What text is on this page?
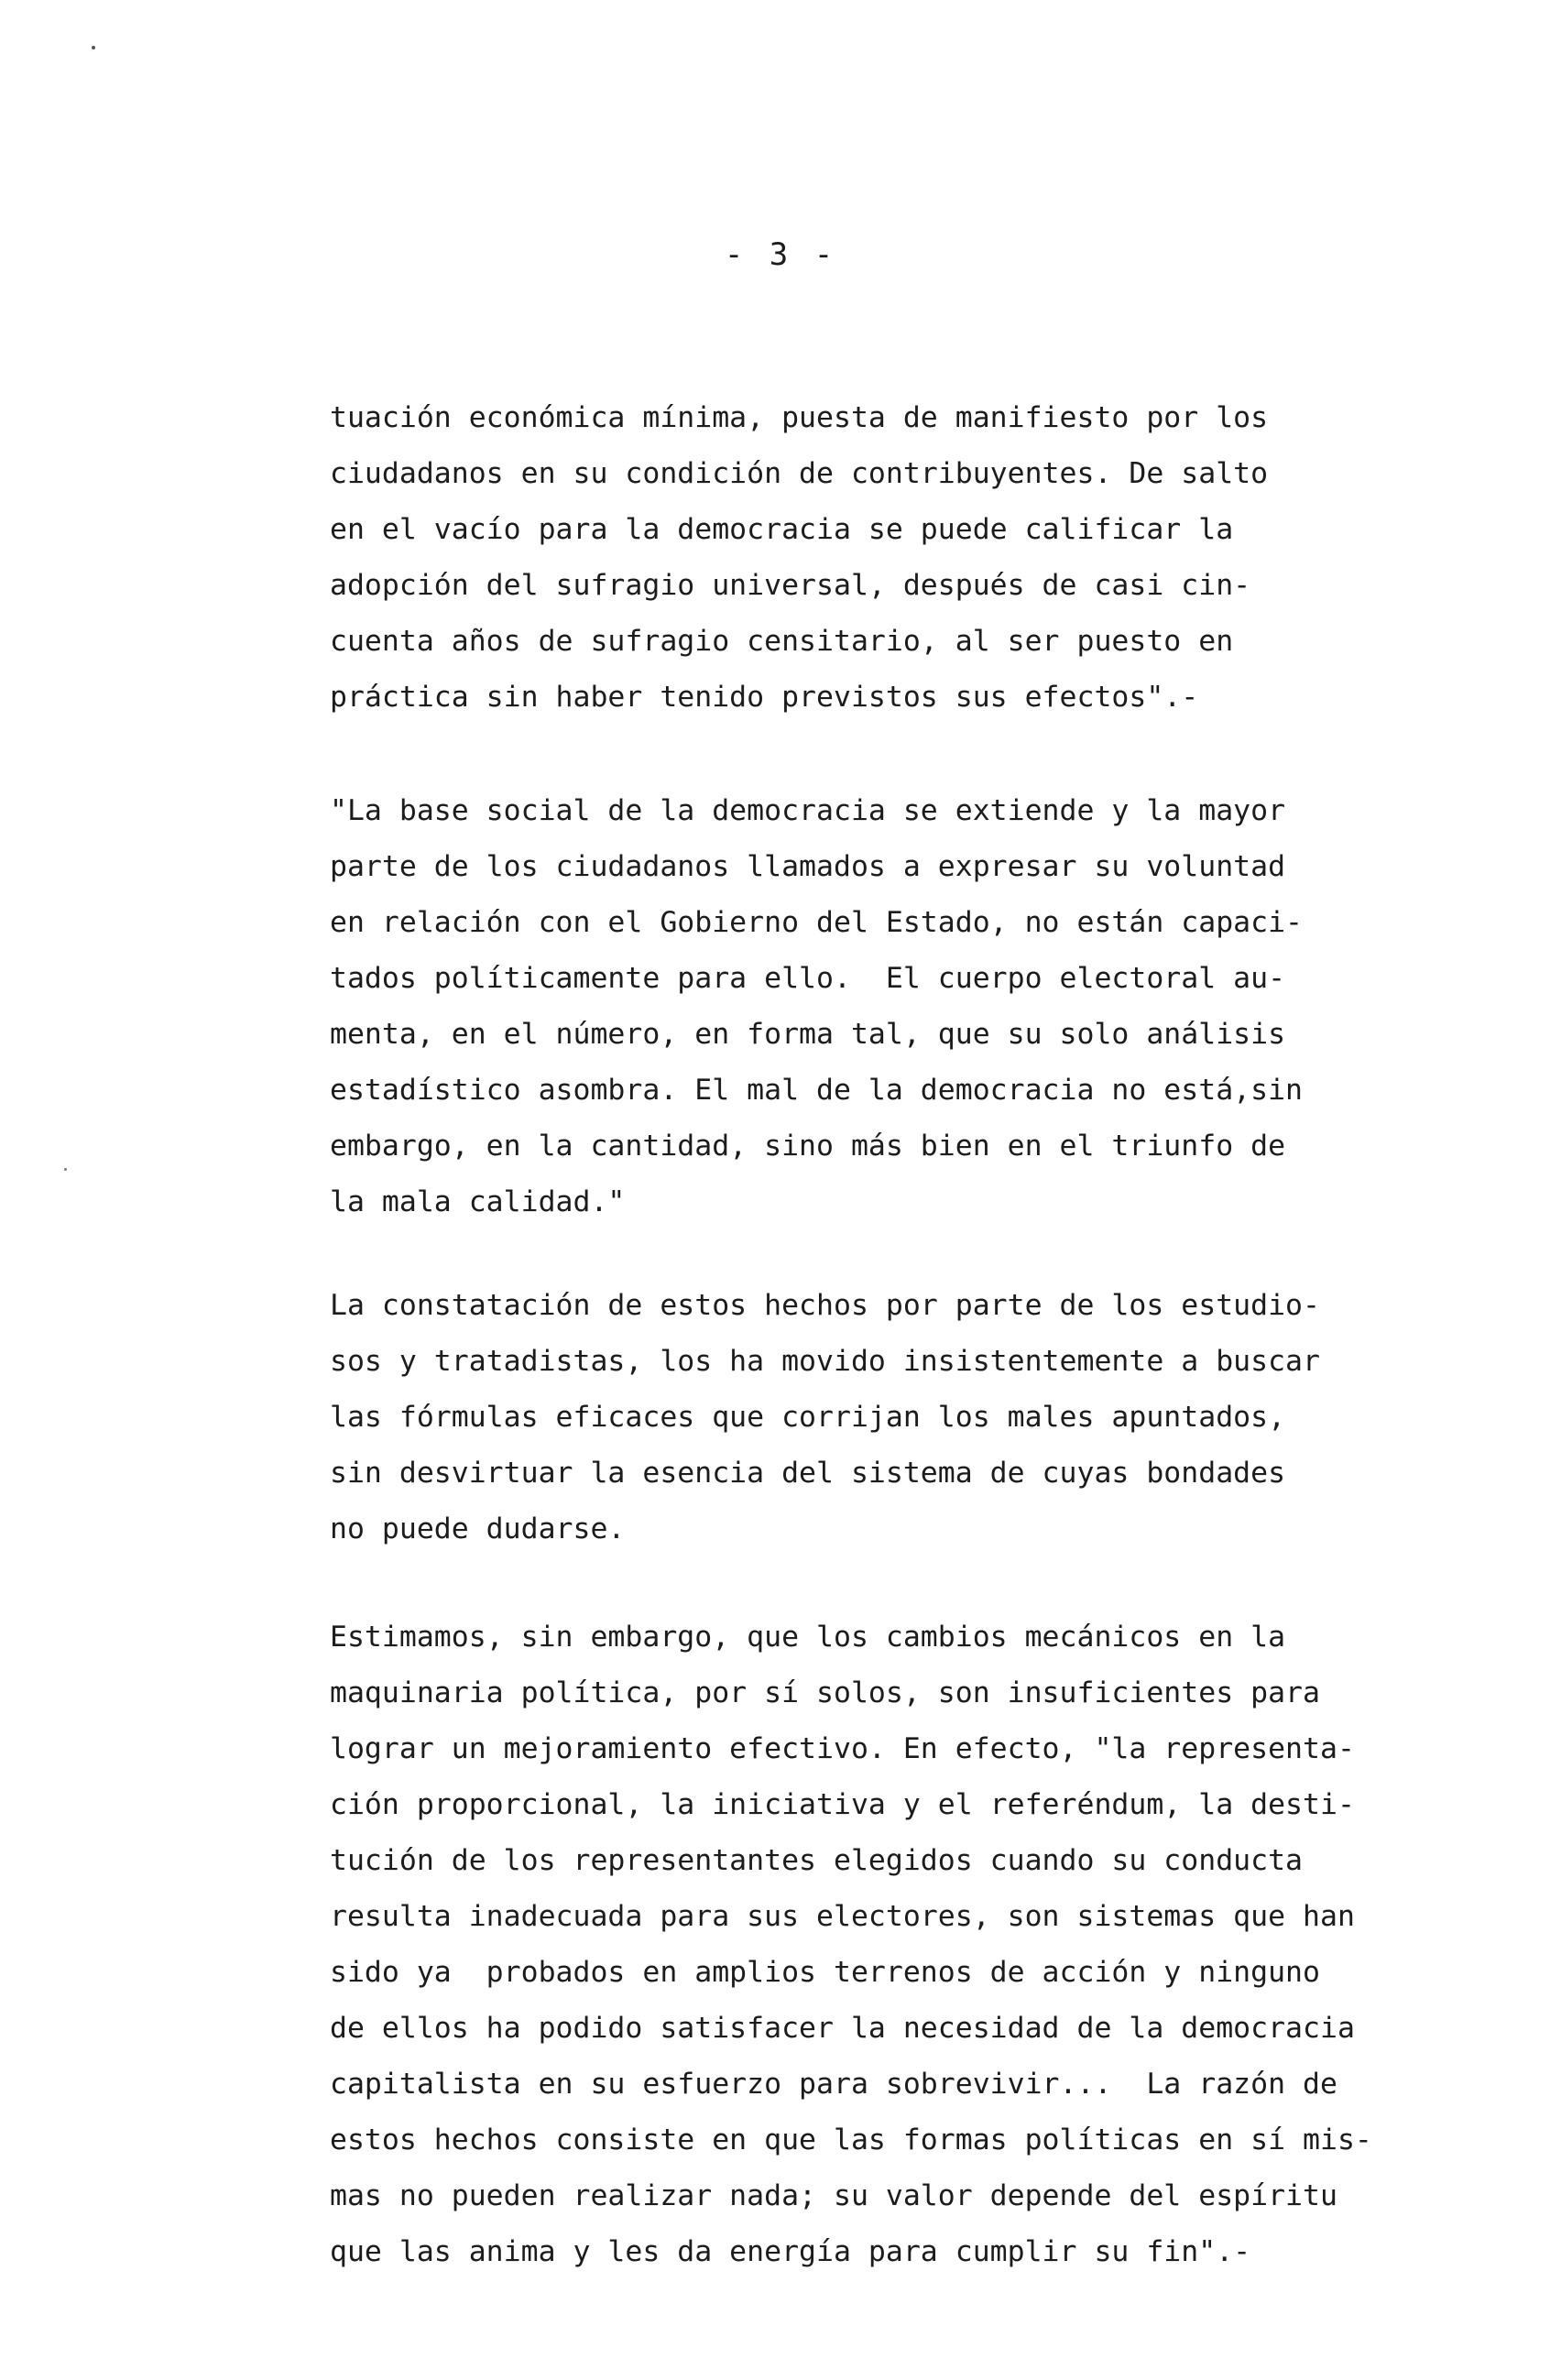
- 3 -
tuación económica mínima, puesta de manifiesto por los
ciudadanos en su condición de contribuyentes. De salto
en el vacío para la democracia se puede calificar la
adopción del sufragio universal, después de casi cin-
cuenta años de sufragio censitario, al ser puesto en
práctica sin haber tenido previstos sus efectos".-
"La base social de la democracia se extiende y la mayor
parte de los ciudadanos llamados a expresar su voluntad
en relación con el Gobierno del Estado, no están capaci-
tados políticamente para ello.  El cuerpo electoral au-
menta, en el número, en forma tal, que su solo análisis
estadístico asombra. El mal de la democracia no está,sin
embargo, en la cantidad, sino más bien en el triunfo de
la mala calidad."
La constatación de estos hechos por parte de los estudio-
sos y tratadistas, los ha movido insistentemente a buscar
las fórmulas eficaces que corrijan los males apuntados,
sin desvirtuar la esencia del sistema de cuyas bondades
no puede dudarse.
Estimamos, sin embargo, que los cambios mecánicos en la
maquinaria política, por sí solos, son insuficientes para
lograr un mejoramiento efectivo. En efecto, "la representa-
ción proporcional, la iniciativa y el referéndum, la desti-
tución de los representantes elegidos cuando su conducta
resulta inadecuada para sus electores, son sistemas que han
sido ya  probados en amplios terrenos de acción y ninguno
de ellos ha podido satisfacer la necesidad de la democracia
capitalista en su esfuerzo para sobrevivir...  La razón de
estos hechos consiste en que las formas políticas en sí mis-
mas no pueden realizar nada; su valor depende del espíritu
que las anima y les da energía para cumplir su fin".-
